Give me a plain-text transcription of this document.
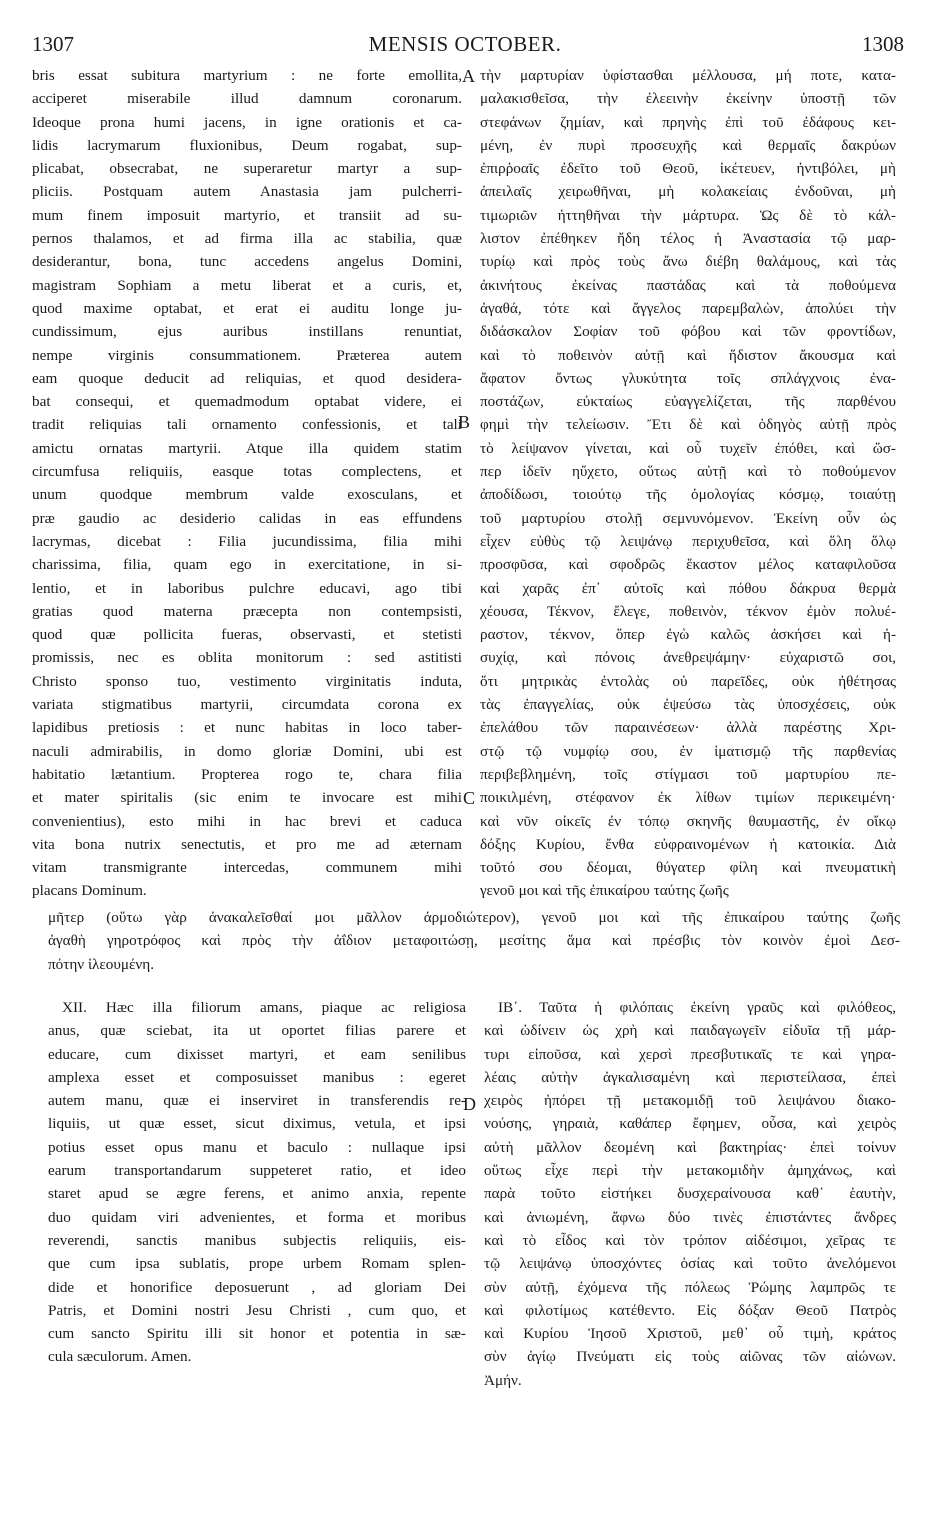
1307	MENSIS OCTOBER.	1308
A
B
C
D
bris essat subitura martyrium : ne forte emollita,
acciperet miserabile illud damnum coronarum.
Ideoque prona humi jacens, in igne orationis et ca-
lidis lacrymarum fluxionibus, Deum rogabat, sup-
plicabat, obsecrabat, ne superaretur martyr a sup-
pliciis. Postquam autem Anastasia jam pulcherri-
mum finem imposuit martyrio, et transiit ad su-
pernos thalamos, et ad firma illa ac stabilia, quæ
desiderantur, bona, tunc accedens angelus Domini,
magistram Sophiam a metu liberat et a curis, et,
quod maxime optabat, et erat ei auditu longe ju-
cundissimum, ejus auribus instillans renuntiat,
nempe virginis consummationem. Præterea autem
eam quoque deducit ad reliquias, et quod desidera-
bat consequi, et quemadmodum optabat videre, ei
tradit reliquias tali ornamento confessionis, et tali
amictu ornatas martyrii. Atque illa quidem statim
circumfusa reliquiis, easque totas complectens, et
unum quodque membrum valde exosculans, et
præ gaudio ac desiderio calidas in eas effundens
lacrymas, dicebat : Filia jucundissima, filia mihi
charissima, filia, quam ego in exercitatione, in si-
lentio, et in laboribus pulchre educavi, ago tibi
gratias quod materna præcepta non contempsisti,
quod quæ pollicita fueras, observasti, et stetisti
promissis, nec es oblita monitorum : sed astitisti
Christo sponso tuo, vestimento virginitatis induta,
variata stigmatibus martyrii, circumdata corona ex
lapidibus pretiosis : et nunc habitas in loco taber-
naculi admirabilis, in domo gloriæ Domini, ubi est
habitatio lætantium. Propterea rogo te, chara filia
et mater spiritalis (sic enim te invocare est mihi
convenientius), esto mihi in hac brevi et caduca
vita bona nutrix senectutis, et pro me ad æternam
vitam transmigrante intercedas, communem mihi
placans Dominum.
τὴν μαρτυρίαν ὑφίστασθαι μέλλουσα, μή ποτε, κατα-
μαλακισθεῖσα, τὴν ἐλεεινὴν ἐκείνην ὑποστῇ τῶν
στεφάνων ζημίαν, καὶ πρηνὴς ἐπὶ τοῦ ἐδάφους κει-
μένη, ἐν πυρὶ προσευχῆς καὶ θερμαῖς δακρύων
ἐπιρῥοαῖς ἐδεῖτο τοῦ Θεοῦ, ἱκέτευεν, ἠντιβόλει, μὴ
ἀπειλαῖς χειρωθῆναι, μὴ κολακείαις ἐνδοῦναι, μὴ
τιμωριῶν ἡττηθῆναι τὴν μάρτυρα. Ὡς δὲ τὸ κάλ-
λιστον ἐπέθηκεν ἤδη τέλος ἡ Ἀναστασία τῷ μαρ-
τυρίῳ καὶ πρὸς τοὺς ἄνω διέβη θαλάμους, καὶ τὰς
ἀκινήτους ἐκείνας παστάδας καὶ τὰ ποθούμενα
ἀγαθά, τότε καὶ ἄγγελος παρεμβαλὼν, ἀπολύει τὴν
διδάσκαλον Σοφίαν τοῦ φόβου καὶ τῶν φροντίδων,
καὶ τὸ ποθεινὸν αὐτῇ καὶ ἥδιστον ἄκουσμα καὶ
ἄφατον ὄντως γλυκύτητα τοῖς σπλάγχνοις ἐνα-
ποστάζων, εὐκταίως εὐαγγελίζεται, τῆς παρθένου
φημὶ τὴν τελείωσιν. Ἔτι δὲ καὶ ὁδηγὸς αὐτῇ πρὸς
τὸ λείψανον γίνεται, καὶ οὗ τυχεῖν ἐπόθει, καὶ ὥσ-
περ ἰδεῖν ηὔχετο, οὕτως αὐτῇ καὶ τὸ ποθούμενον
ἀποδίδωσι, τοιούτῳ τῆς ὁμολογίας κόσμῳ, τοιαύτῃ
τοῦ μαρτυρίου στολῇ σεμνυνόμενον. Ἐκείνη οὖν ὡς
εἶχεν εὐθὺς τῷ λειψάνῳ περιχυθεῖσα, καὶ ὅλη ὅλῳ
προσφῦσα, καὶ σφοδρῶς ἕκαστον μέλος καταφιλοῦσα
καὶ χαρᾶς ἐπ᾽ αὐτοῖς καὶ πόθου δάκρυα θερμὰ
χέουσα, Τέκνον, ἔλεγε, ποθεινὸν, τέκνον ἐμὸν πολυέ-
ραστον, τέκνον, ὅπερ ἐγὼ καλῶς ἀσκήσει καὶ ἡ-
συχίᾳ, καὶ πόνοις ἀνεθρεψάμην· εὐχαριστῶ σοι,
ὅτι μητρικὰς ἐντολὰς οὐ παρεῖδες, οὐκ ἠθέτησας
τὰς ἐπαγγελίας, οὐκ ἐψεύσω τὰς ὑποσχέσεις, οὐκ
ἐπελάθου τῶν παραινέσεων· ἀλλὰ παρέστης Χρι-
στῷ τῷ νυμφίῳ σου, ἐν ἱματισμῷ τῆς παρθενίας
περιβεβλημένη, τοῖς στίγμασι τοῦ μαρτυρίου πε-
ποικιλμένη, στέφανον ἐκ λίθων τιμίων περικειμένη·
καὶ νῦν οἰκεῖς ἐν τόπῳ σκηνῆς θαυμαστῆς, ἐν οἴκῳ
δόξης Κυρίου, ἔνθα εὐφραινομένων ἡ κατοικία. Διὰ
τοῦτό σου δέομαι, θύγατερ φίλη καὶ πνευματικὴ
γενοῦ μοι καὶ τῆς ἐπικαίρου ταύτης ζωῆς
μῆτερ (οὕτω γὰρ ἀνακαλεῖσθαί μοι μᾶλλον ἁρμοδιώτερον), γενοῦ μοι καὶ τῆς ἐπικαίρου ταύτης ζωῆς
ἀγαθὴ γηροτρόφος καὶ πρὸς τὴν ἀΐδιον μεταφοιτώσῃ, μεσίτης ἅμα καὶ πρέσβις τὸν κοινὸν ἐμοὶ Δεσ-
πότην ἱλεουμένη.
XII. Hæc illa filiorum amans, piaque ac religiosa
anus, quæ sciebat, ita ut oportet filias parere et
educare, cum dixisset martyri, et eam senilibus
amplexa esset et composuisset manibus : egeret
autem manu, quæ ei inserviret in transferendis re-
liquiis, ut quæ esset, sicut diximus, vetula, et ipsi
potius esset opus manu et baculo : nullaque ipsi
earum transportandarum suppeteret ratio, et ideo
staret apud se ægre ferens, et animo anxia, repente
duo quidam viri advenientes, et forma et moribus
reverendi, sanctis manibus subjectis reliquiis, eis-
que cum ipsa sublatis, prope urbem Romam splen-
dide et honorifice deposuerunt , ad gloriam Dei
Patris, et Domini nostri Jesu Christi , cum quo, et
cum sancto Spiritu illi sit honor et potentia in sæ-
cula sæculorum. Amen.
ΙΒ΄. Ταῦτα ἡ φιλόπαις ἐκείνη γραῦς καὶ φιλόθεος,
καὶ ὠδίνειν ὡς χρὴ καὶ παιδαγωγεῖν εἰδυῖα τῇ μάρ-
τυρι εἰποῦσα, καὶ χερσὶ πρεσβυτικαῖς τε καὶ γηρα-
λέαις αὐτὴν ἀγκαλισαμένη καὶ περιστείλασα, ἐπεὶ
χειρὸς ἠπόρει τῇ μετακομιδῇ τοῦ λειψάνου διακο-
νούσης, γηραιὰ, καθάπερ ἔφημεν, οὖσα, καὶ χειρὸς
αὐτὴ μᾶλλον δεομένη καὶ βακτηρίας· ἐπεὶ τοίνυν
οὕτως εἶχε περὶ τὴν μετακομιδὴν ἀμηχάνως, καὶ
παρὰ τοῦτο εἱστήκει δυσχεραίνουσα καθ᾽ ἑαυτὴν,
καὶ ἀνιωμένη, ἄφνω δύο τινὲς ἐπιστάντες ἄνδρες
καὶ τὸ εἶδος καὶ τὸν τρόπον αἰδέσιμοι, χεῖρας τε
τῷ λειψάνῳ ὑποσχόντες ὁσίας καὶ τοῦτο ἀνελόμενοι
σὺν αὐτῇ, ἐχόμενα τῆς πόλεως Ῥώμης λαμπρῶς τε
καὶ φιλοτίμως κατέθεντο. Εἰς δόξαν Θεοῦ Πατρὸς
καὶ Κυρίου Ἰησοῦ Χριστοῦ, μεθ᾽ οὗ τιμὴ, κράτος
σὺν ἁγίῳ Πνεύματι εἰς τοὺς αἰῶνας τῶν αἰώνων.
Ἀμήν.
